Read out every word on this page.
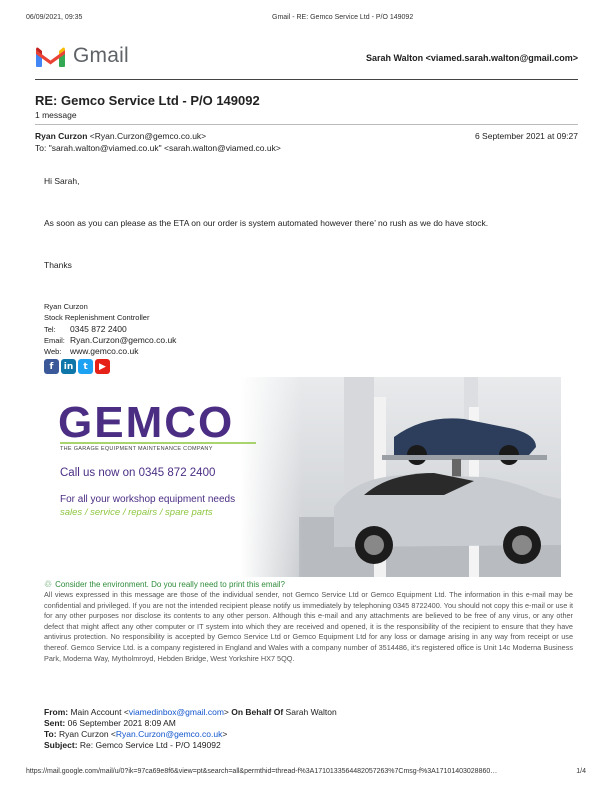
06/09/2021, 09:35	Gmail - RE: Gemco Service Ltd - P/O 149092
Gmail	Sarah Walton <viamed.sarah.walton@gmail.com>
RE: Gemco Service Ltd - P/O 149092
1 message
Ryan Curzon <Ryan.Curzon@gemco.co.uk>	6 September 2021 at 09:27
To: "sarah.walton@viamed.co.uk" <sarah.walton@viamed.co.uk>
Hi Sarah,
As soon as you can please as the ETA on our order is system automated however there’ no rush as we do have stock.
Thanks
Ryan Curzon
Stock Replenishment Controller
Tel: 0345 872 2400
Email: Ryan.Curzon@gemco.co.uk
Web: www.gemco.co.uk
f	in	t	▶
GEMCO
THE GARAGE EQUIPMENT MAINTENANCE COMPANY
Call us now on 0345 872 2400
For all your workshop equipment needs
sales / service / repairs / spare parts
♲ Consider the environment. Do you really need to print this email?
All views expressed in this message are those of the individual sender, not Gemco Service Ltd or Gemco Equipment Ltd. The information in this e-mail may be confidential and privileged. If you are not the intended recipient please notify us immediately by telephoning 0345 8722400. You should not copy this e-mail or use it for any other purposes nor disclose its contents to any other person. Although this e-mail and any attachments are believed to be free of any virus, or any other defect that might affect any other computer or IT system into which they are received and opened, it is the responsibility of the recipient to ensure that they have antivirus protection. No responsibility is accepted by Gemco Service Ltd or Gemco Equipment Ltd for any loss or damage arising in any way from receipt or use thereof. Gemco Service Ltd. is a company registered in England and Wales with a company number of 3514486, it's registered office is Unit 14c Moderna Business Park, Moderna Way, Mytholmroyd, Hebden Bridge, West Yorkshire HX7 5QQ.
From: Main Account <viamedinbox@gmail.com> On Behalf Of Sarah Walton
Sent: 06 September 2021 8:09 AM
To: Ryan Curzon <Ryan.Curzon@gemco.co.uk>
Subject: Re: Gemco Service Ltd - P/O 149092
https://mail.google.com/mail/u/0?ik=97ca69e8f6&view=pt&search=all&permthid=thread-f%3A1710133564482057263%7Cmsg-f%3A17101403028860…	1/4
